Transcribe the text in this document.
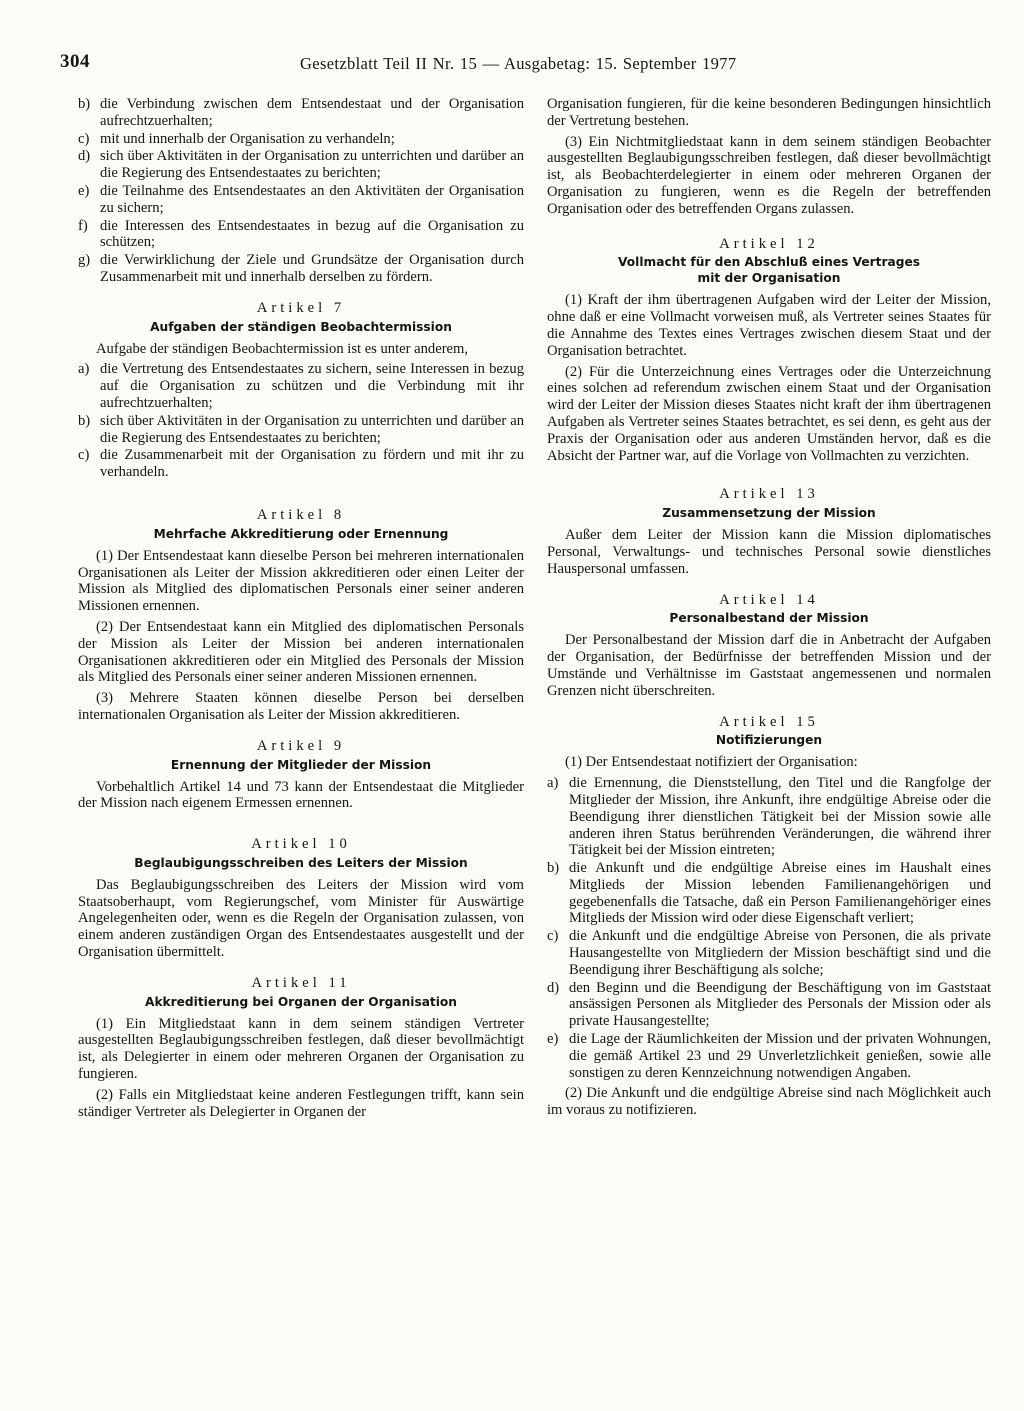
304	Gesetzblatt Teil II Nr. 15 — Ausgabetag: 15. September 1977
b) die Verbindung zwischen dem Entsendestaat und der Organisation aufrechtzuerhalten;
c) mit und innerhalb der Organisation zu verhandeln;
d) sich über Aktivitäten in der Organisation zu unterrichten und darüber an die Regierung des Entsendestaates zu berichten;
e) die Teilnahme des Entsendestaates an den Aktivitäten der Organisation zu sichern;
f) die Interessen des Entsendestaates in bezug auf die Organisation zu schützen;
g) die Verwirklichung der Ziele und Grundsätze der Organisation durch Zusammenarbeit mit und innerhalb derselben zu fördern.
Artikel 7
Aufgaben der ständigen Beobachtermission

Aufgabe der ständigen Beobachtermission ist es unter anderem,

a) die Vertretung des Entsendestaates zu sichern, seine Interessen in bezug auf die Organisation zu schützen und die Verbindung mit ihr aufrechtzuerhalten;
b) sich über Aktivitäten in der Organisation zu unterrichten und darüber an die Regierung des Entsendestaates zu berichten;
c) die Zusammenarbeit mit der Organisation zu fördern und mit ihr zu verhandeln.
Artikel 8
Mehrfache Akkreditierung oder Ernennung

(1) Der Entsendestaat kann dieselbe Person bei mehreren internationalen Organisationen als Leiter der Mission akkreditieren oder einen Leiter der Mission als Mitglied des diplomatischen Personals einer seiner anderen Missionen ernennen.

(2) Der Entsendestaat kann ein Mitglied des diplomatischen Personals der Mission als Leiter der Mission bei anderen internationalen Organisationen akkreditieren oder ein Mitglied des Personals der Mission als Mitglied des Personals einer seiner anderen Missionen ernennen.

(3) Mehrere Staaten können dieselbe Person bei derselben internationalen Organisation als Leiter der Mission akkreditieren.

Artikel 9
Ernennung der Mitglieder der Mission

Vorbehaltlich Artikel 14 und 73 kann der Entsendestaat die Mitglieder der Mission nach eigenem Ermessen ernennen.

Artikel 10
Beglaubigungsschreiben des Leiters der Mission

Das Beglaubigungsschreiben des Leiters der Mission wird vom Staatsoberhaupt, vom Regierungschef, vom Minister für Auswärtige Angelegenheiten oder, wenn es die Regeln der Organisation zulassen, von einem anderen zuständigen Organ des Entsendestaates ausgestellt und der Organisation übermittelt.

Artikel 11
Akkreditierung bei Organen der Organisation

(1) Ein Mitgliedstaat kann in dem seinem ständigen Vertreter ausgestellten Beglaubigungsschreiben festlegen, daß dieser bevollmächtigt ist, als Delegierter in einem oder mehreren Organen der Organisation zu fungieren.

(2) Falls ein Mitgliedstaat keine anderen Festlegungen trifft, kann sein ständiger Vertreter als Delegierter in Organen der

Organisation fungieren, für die keine besonderen Bedingungen hinsichtlich der Vertretung bestehen.

(3) Ein Nichtmitgliedstaat kann in dem seinem ständigen Beobachter ausgestellten Beglaubigungsschreiben festlegen, daß dieser bevollmächtigt ist, als Beobachterdelegierter in einem oder mehreren Organen der Organisation zu fungieren, wenn es die Regeln der betreffenden Organisation oder des betreffenden Organs zulassen.

Artikel 12
Vollmacht für den Abschluß eines Vertrages
mit der Organisation

(1) Kraft der ihm übertragenen Aufgaben wird der Leiter der Mission, ohne daß er eine Vollmacht vorweisen muß, als Vertreter seines Staates für die Annahme des Textes eines Vertrages zwischen diesem Staat und der Organisation betrachtet.

(2) Für die Unterzeichnung eines Vertrages oder die Unterzeichnung eines solchen ad referendum zwischen einem Staat und der Organisation wird der Leiter der Mission dieses Staates nicht kraft der ihm übertragenen Aufgaben als Vertreter seines Staates betrachtet, es sei denn, es geht aus der Praxis der Organisation oder aus anderen Umständen hervor, daß es die Absicht der Partner war, auf die Vorlage von Vollmachten zu verzichten.

Artikel 13
Zusammensetzung der Mission

Außer dem Leiter der Mission kann die Mission diplomatisches Personal, Verwaltungs- und technisches Personal sowie dienstliches Hauspersonal umfassen.

Artikel 14
Personalbestand der Mission

Der Personalbestand der Mission darf die in Anbetracht der Aufgaben der Organisation, der Bedürfnisse der betreffenden Mission und der Umstände und Verhältnisse im Gaststaat angemessenen und normalen Grenzen nicht überschreiten.

Artikel 15
Notifizierungen

(1) Der Entsendestaat notifiziert der Organisation:

a) die Ernennung, die Dienststellung, den Titel und die Rangfolge der Mitglieder der Mission, ihre Ankunft, ihre endgültige Abreise oder die Beendigung ihrer dienstlichen Tätigkeit bei der Mission sowie alle anderen ihren Status berührenden Veränderungen, die während ihrer Tätigkeit bei der Mission eintreten;
b) die Ankunft und die endgültige Abreise eines im Haushalt eines Mitglieds der Mission lebenden Familienangehörigen und gegebenenfalls die Tatsache, daß ein Person Familienangehöriger eines Mitglieds der Mission wird oder diese Eigenschaft verliert;
c) die Ankunft und die endgültige Abreise von Personen, die als private Hausangestellte von Mitgliedern der Mission beschäftigt sind und die Beendigung ihrer Beschäftigung als solche;
d) den Beginn und die Beendigung der Beschäftigung von im Gaststaat ansässigen Personen als Mitglieder des Personals der Mission oder als private Hausangestellte;
e) die Lage der Räumlichkeiten der Mission und der privaten Wohnungen, die gemäß Artikel 23 und 29 Unverletzlichkeit genießen, sowie alle sonstigen zu deren Kennzeichnung notwendigen Angaben.

(2) Die Ankunft und die endgültige Abreise sind nach Möglichkeit auch im voraus zu notifizieren.
